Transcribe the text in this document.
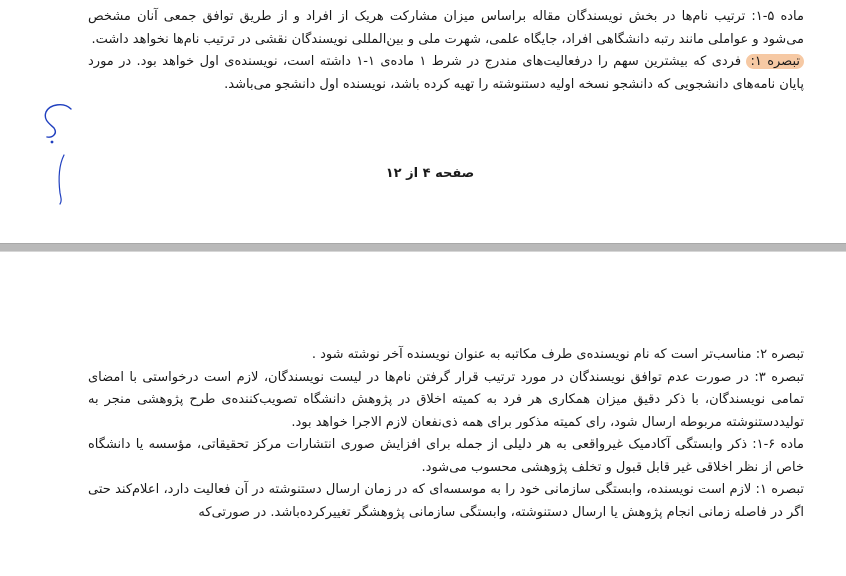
ماده ۵-۱: ترتیب نام‌ها در بخش نویسندگان مقاله براساس میزان مشارکت هریک از افراد و از طریق توافق جمعی آنان مشخص می‌شود و عواملی مانند رتبه دانشگاهی افراد، جایگاه علمی، شهرت ملی و بین‌المللی نویسندگان نقشی در ترتیب نام‌ها نخواهد داشت.

تبصره ۱: فردی که بیشترین سهم را درفعالیت‌های مندرج در شرط ۱ ماده‌ی ۱-۱ داشته است، نویسنده‌ی اول خواهد بود. در مورد پایان نامه‌های دانشجویی که دانشجو نسخه اولیه دستنوشته را تهیه کرده باشد، نویسنده اول دانشجو می‌باشد.

صفحه ۴ از ۱۲

تبصره ۲: مناسب‌تر است که نام نویسنده‌ی طرف مکاتبه به عنوان نویسنده آخر نوشته شود .

تبصره ۳: در صورت عدم توافق نویسندگان در مورد ترتیب قرار گرفتن نام‌ها در لیست نویسندگان، لازم است درخواستی با امضای تمامی نویسندگان، با ذکر دقیق میزان همکاری هر فرد به کمیته اخلاق در پژوهش دانشگاه تصویب‌کننده‌ی طرح پژوهشی منجر به تولیددستنوشته مربوطه ارسال شود، رای کمیته مذکور برای همه ذی‌نفعان لازم الاجرا خواهد بود.

ماده ۶-۱: ذکر وابستگی آکادمیک غیرواقعی به هر دلیلی از جمله برای افزایش صوری انتشارات مرکز تحقیقاتی، مؤسسه یا دانشگاه خاص از نظر اخلاقی غیر قابل قبول و تخلف پژوهشی محسوب می‌شود.

تبصره ۱: لازم است نویسنده، وابستگی سازمانی خود را به موسسه‌ای که در زمان ارسال دستنوشته در آن فعالیت دارد، اعلام‌کند حتی اگر در فاصله زمانی انجام پژوهش یا ارسال دستنوشته، وابستگی سازمانی پژوهشگر تغییرکرده‌باشد. در صورتی‌که
